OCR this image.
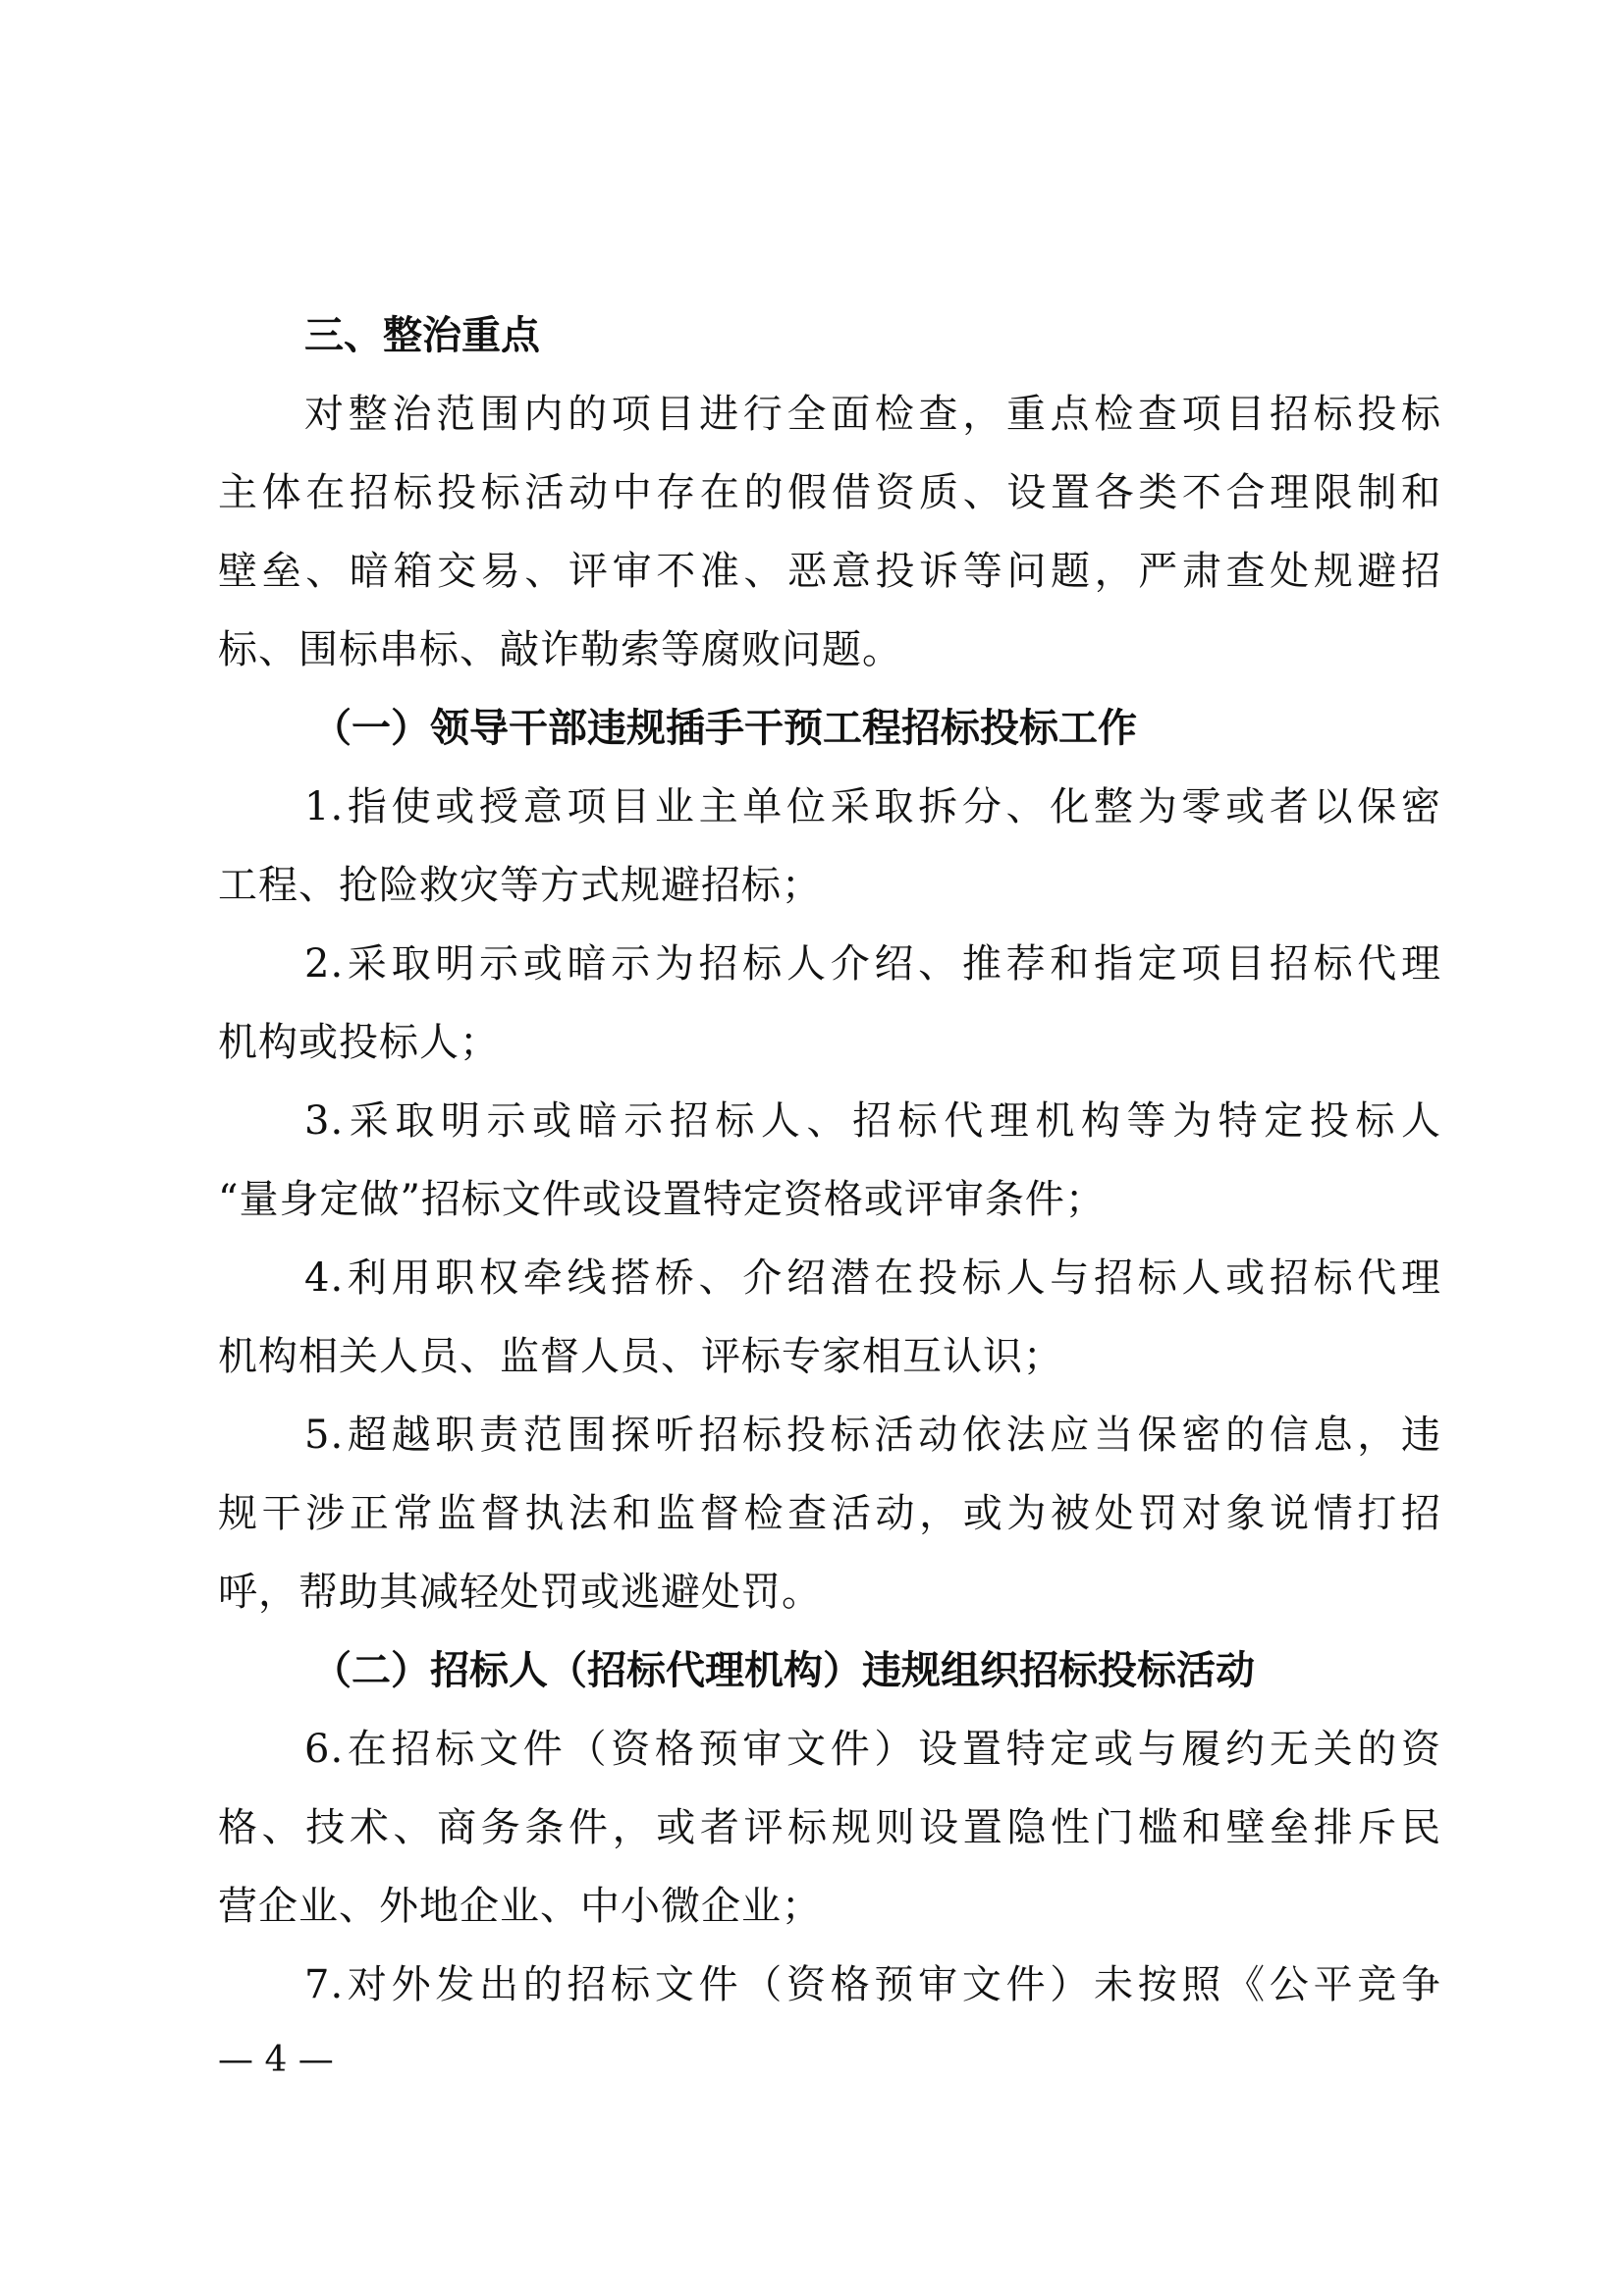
三、整治重点

对整治范围内的项目进行全面检查，重点检查项目招标投标
主体在招标投标活动中存在的假借资质、设置各类不合理限制和
壁垒、暗箱交易、评审不准、恶意投诉等问题，严肃查处规避招
标、围标串标、敲诈勒索等腐败问题。

（一）领导干部违规插手干预工程招标投标工作

1.指使或授意项目业主单位采取拆分、化整为零或者以保密
工程、抢险救灾等方式规避招标；

2.采取明示或暗示为招标人介绍、推荐和指定项目招标代理
机构或投标人；

3.采取明示或暗示招标人、招标代理机构等为特定投标人
“量身定做”招标文件或设置特定资格或评审条件；

4.利用职权牵线搭桥、介绍潜在投标人与招标人或招标代理
机构相关人员、监督人员、评标专家相互认识；

5.超越职责范围探听招标投标活动依法应当保密的信息，违
规干涉正常监督执法和监督检查活动，或为被处罚对象说情打招
呼，帮助其减轻处罚或逃避处罚。

（二）招标人（招标代理机构）违规组织招标投标活动

6.在招标文件（资格预审文件）设置特定或与履约无关的资
格、技术、商务条件，或者评标规则设置隐性门槛和壁垒排斥民
营企业、外地企业、中小微企业；

7.对外发出的招标文件（资格预审文件）未按照《公平竞争

— 4 —
